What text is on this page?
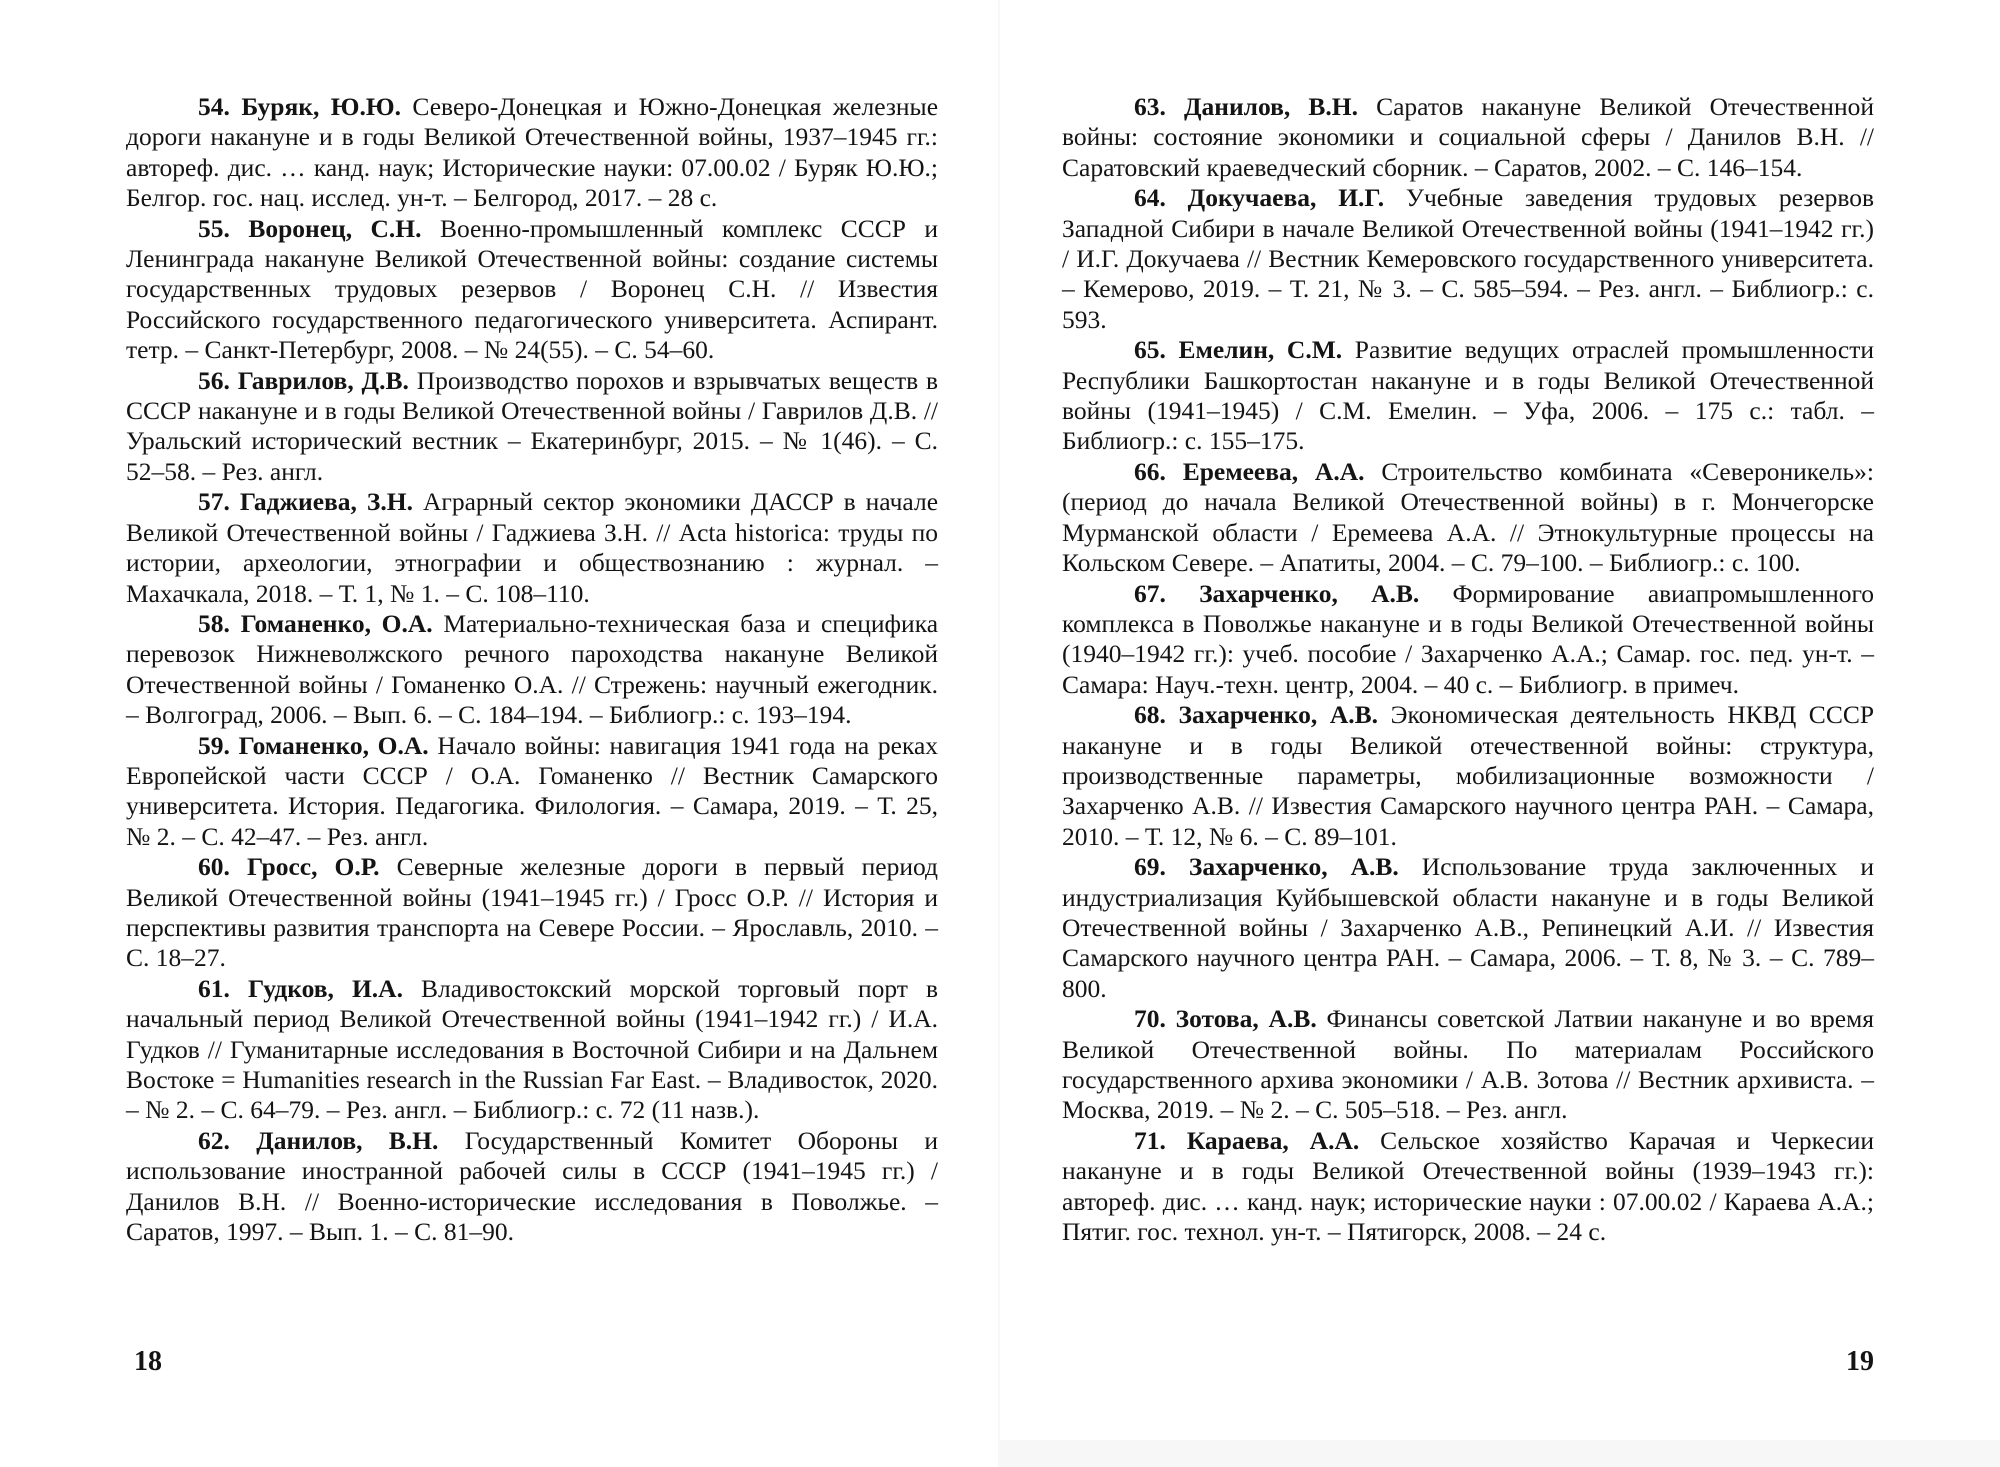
54. Буряк, Ю.Ю. Северо-Донецкая и Южно-Донецкая железные дороги накануне и в годы Великой Отечественной войны, 1937–1945 гг.: автореф. дис. … канд. наук; Исторические науки: 07.00.02 / Буряк Ю.Ю.; Белгор. гос. нац. исслед. ун-т. – Белгород, 2017. – 28 с.

55. Воронец, С.Н. Военно-промышленный комплекс СССР и Ленинграда накануне Великой Отечественной войны: создание системы государственных трудовых резервов / Воронец С.Н. // Известия Российского государственного педагогического университета. Аспирант. тетр. – Санкт-Петербург, 2008. – № 24(55). – С. 54–60.

56. Гаврилов, Д.В. Производство порохов и взрывчатых веществ в СССР накануне и в годы Великой Отечественной войны / Гаврилов Д.В. // Уральский исторический вестник – Екатеринбург, 2015. – № 1(46). – С. 52–58. – Рез. англ.

57. Гаджиева, З.Н. Аграрный сектор экономики ДАССР в начале Великой Отечественной войны / Гаджиева З.Н. // Acta historica: труды по истории, археологии, этнографии и обществознанию : журнал. – Махачкала, 2018. – Т. 1, № 1. – С. 108–110.

58. Гоманенко, О.А. Материально-техническая база и специфика перевозок Нижневолжского речного пароходства накануне Великой Отечественной войны / Гоманенко О.А. // Стрежень: научный ежегодник. – Волгоград, 2006. – Вып. 6. – С. 184–194. – Библиогр.: с. 193–194.

59. Гоманенко, О.А. Начало войны: навигация 1941 года на реках Европейской части СССР / О.А. Гоманенко // Вестник Самарского университета. История. Педагогика. Филология. – Самара, 2019. – Т. 25, № 2. – С. 42–47. – Рез. англ.

60. Гросс, О.Р. Северные железные дороги в первый период Великой Отечественной войны (1941–1945 гг.) / Гросс О.Р. // История и перспективы развития транспорта на Севере России. – Ярославль, 2010. – С. 18–27.

61. Гудков, И.А. Владивостокский морской торговый порт в начальный период Великой Отечественной войны (1941–1942 гг.) / И.А. Гудков // Гуманитарные исследования в Восточной Сибири и на Дальнем Востоке = Humanities research in the Russian Far East. – Владивосток, 2020. – № 2. – С. 64–79. – Рез. англ. – Библиогр.: с. 72 (11 назв.).

62. Данилов, В.Н. Государственный Комитет Обороны и использование иностранной рабочей силы в СССР (1941–1945 гг.) / Данилов В.Н. // Военно-исторические исследования в Поволжье. – Саратов, 1997. – Вып. 1. – С. 81–90.

63. Данилов, В.Н. Саратов накануне Великой Отечественной войны: состояние экономики и социальной сферы / Данилов В.Н. // Саратовский краеведческий сборник. – Саратов, 2002. – С. 146–154.

64. Докучаева, И.Г. Учебные заведения трудовых резервов Западной Сибири в начале Великой Отечественной войны (1941–1942 гг.) / И.Г. Докучаева // Вестник Кемеровского государственного университета. – Кемерово, 2019. – Т. 21, № 3. – С. 585–594. – Рез. англ. – Библиогр.: с. 593.

65. Емелин, С.М. Развитие ведущих отраслей промышленности Республики Башкортостан накануне и в годы Великой Отечественной войны (1941–1945) / С.М. Емелин. – Уфа, 2006. – 175 с.: табл. – Библиогр.: с. 155–175.

66. Еремеева, А.А. Строительство комбината «Североникель»: (период до начала Великой Отечественной войны) в г. Мончегорске Мурманской области / Еремеева А.А. // Этнокультурные процессы на Кольском Севере. – Апатиты, 2004. – С. 79–100. – Библиогр.: с. 100.

67. Захарченко, А.В. Формирование авиапромышленного комплекса в Поволжье накануне и в годы Великой Отечественной войны (1940–1942 гг.): учеб. пособие / Захарченко А.А.; Самар. гос. пед. ун-т. – Самара: Науч.-техн. центр, 2004. – 40 с. – Библиогр. в примеч.

68. Захарченко, А.В. Экономическая деятельность НКВД СССР накануне и в годы Великой отечественной войны: структура, производственные параметры, мобилизационные возможности / Захарченко А.В. // Известия Самарского научного центра РАН. – Самара, 2010. – Т. 12, № 6. – С. 89–101.

69. Захарченко, А.В. Использование труда заключенных и индустриализация Куйбышевской области накануне и в годы Великой Отечественной войны / Захарченко А.В., Репинецкий А.И. // Известия Самарского научного центра РАН. – Самара, 2006. – Т. 8, № 3. – С. 789–800.

70. Зотова, А.В. Финансы советской Латвии накануне и во время Великой Отечественной войны. По материалам Российского государственного архива экономики / А.В. Зотова // Вестник архивиста. – Москва, 2019. – № 2. – С. 505–518. – Рез. англ.

71. Караева, А.А. Сельское хозяйство Карачая и Черкесии накануне и в годы Великой Отечественной войны (1939–1943 гг.): автореф. дис. … канд. наук; исторические науки : 07.00.02 / Караева А.А.; Пятиг. гос. технол. ун-т. – Пятигорск, 2008. – 24 с.

18	19
